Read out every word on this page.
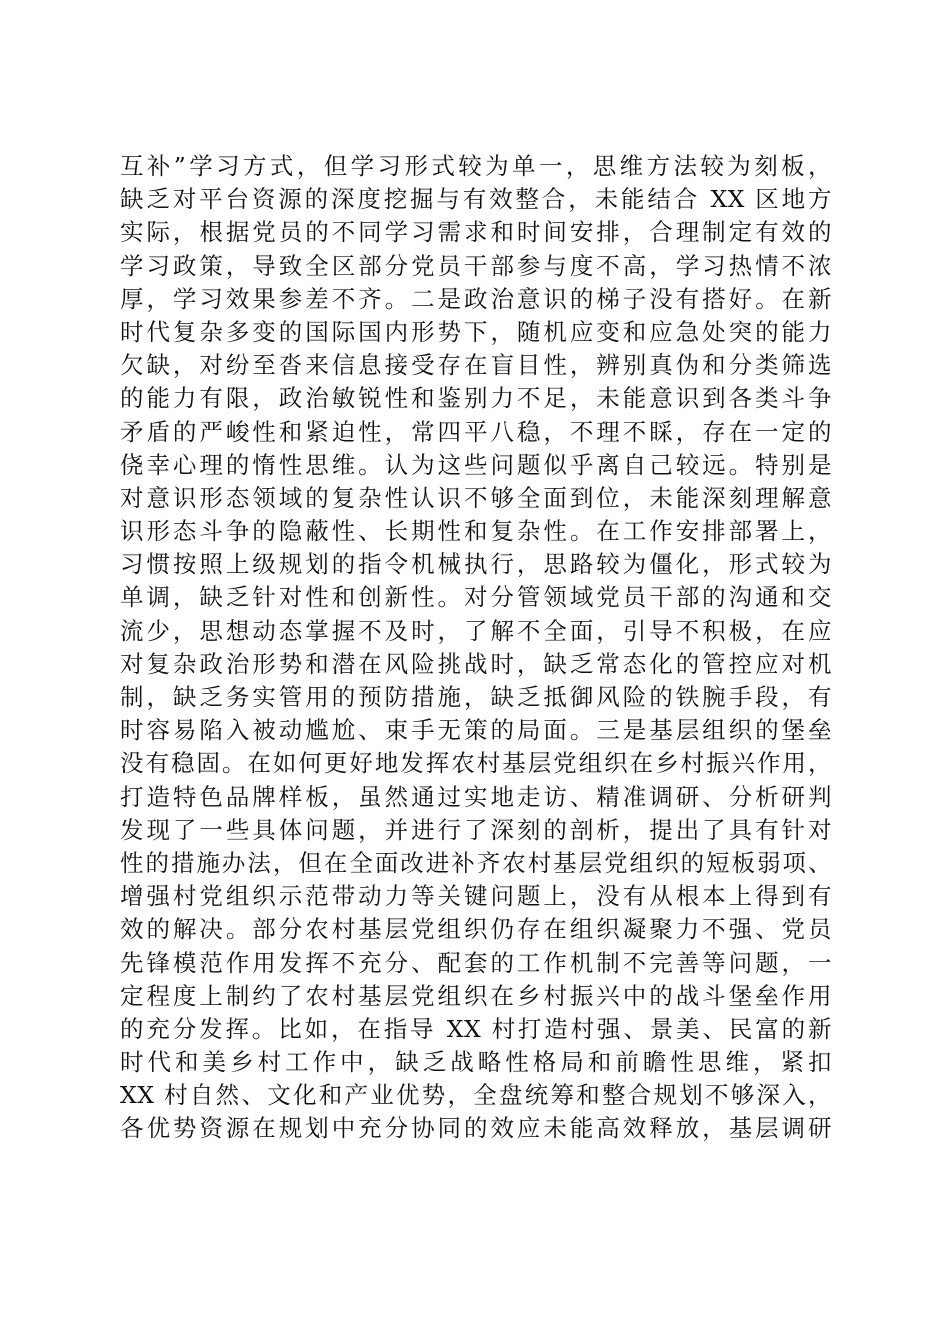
互补”学习方式，但学习形式较为单一，思维方法较为刻板，
缺乏对平台资源的深度挖掘与有效整合，未能结合 XX 区地方
实际，根据党员的不同学习需求和时间安排，合理制定有效的
学习政策，导致全区部分党员干部参与度不高，学习热情不浓
厚，学习效果参差不齐。二是政治意识的梯子没有搭好。在新
时代复杂多变的国际国内形势下，随机应变和应急处突的能力
欠缺，对纷至沓来信息接受存在盲目性，辨别真伪和分类筛选
的能力有限，政治敏锐性和鉴别力不足，未能意识到各类斗争
矛盾的严峻性和紧迫性，常四平八稳，不理不睬，存在一定的
侥幸心理的惰性思维。认为这些问题似乎离自己较远。特别是
对意识形态领域的复杂性认识不够全面到位，未能深刻理解意
识形态斗争的隐蔽性、长期性和复杂性。在工作安排部署上，
习惯按照上级规划的指令机械执行，思路较为僵化，形式较为
单调，缺乏针对性和创新性。对分管领域党员干部的沟通和交
流少，思想动态掌握不及时，了解不全面，引导不积极，在应
对复杂政治形势和潜在风险挑战时，缺乏常态化的管控应对机
制，缺乏务实管用的预防措施，缺乏抵御风险的铁腕手段，有
时容易陷入被动尴尬、束手无策的局面。三是基层组织的堡垒
没有稳固。在如何更好地发挥农村基层党组织在乡村振兴作用，
打造特色品牌样板，虽然通过实地走访、精准调研、分析研判
发现了一些具体问题，并进行了深刻的剖析，提出了具有针对
性的措施办法，但在全面改进补齐农村基层党组织的短板弱项、
增强村党组织示范带动力等关键问题上，没有从根本上得到有
效的解决。部分农村基层党组织仍存在组织凝聚力不强、党员
先锋模范作用发挥不充分、配套的工作机制不完善等问题，一
定程度上制约了农村基层党组织在乡村振兴中的战斗堡垒作用
的充分发挥。比如，在指导 XX 村打造村强、景美、民富的新
时代和美乡村工作中，缺乏战略性格局和前瞻性思维，紧扣
XX 村自然、文化和产业优势，全盘统筹和整合规划不够深入，
各优势资源在规划中充分协同的效应未能高效释放，基层调研
